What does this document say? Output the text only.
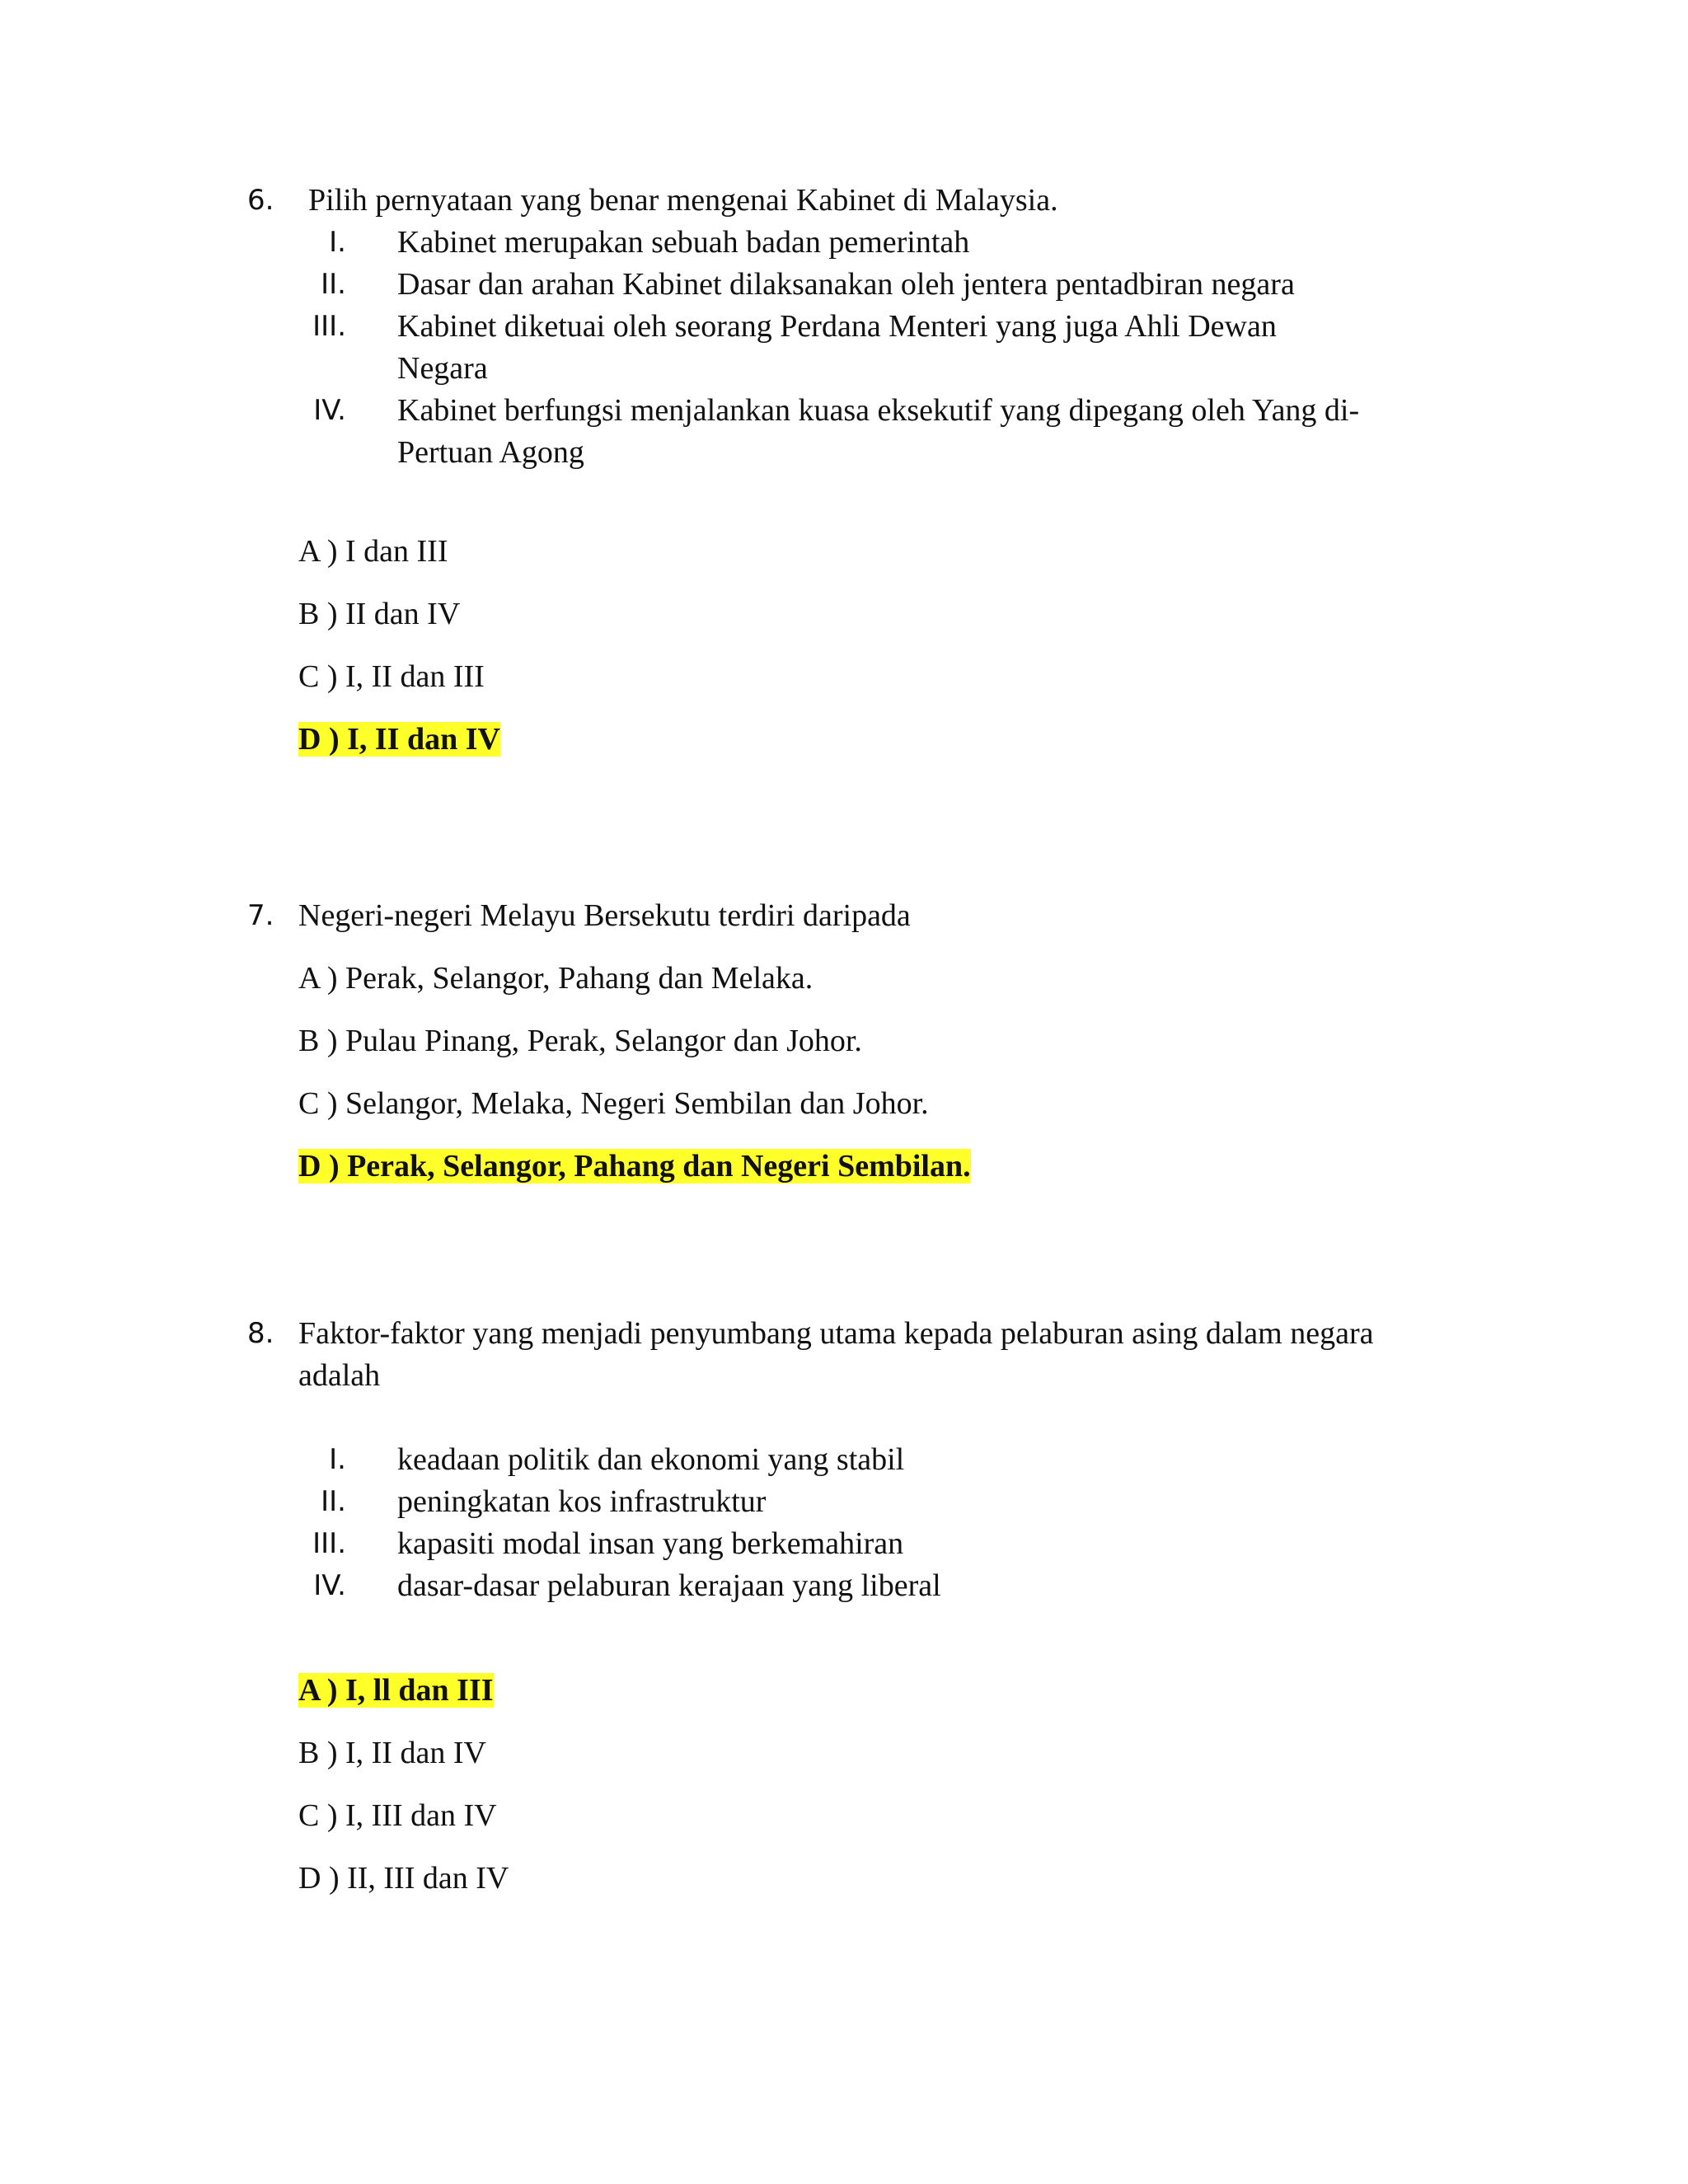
6. Pilih pernyataan yang benar mengenai Kabinet di Malaysia.
I. Kabinet merupakan sebuah badan pemerintah
II. Dasar dan arahan Kabinet dilaksanakan oleh jentera pentadbiran negara
III. Kabinet diketuai oleh seorang Perdana Menteri yang juga Ahli Dewan Negara
IV. Kabinet berfungsi menjalankan kuasa eksekutif yang dipegang oleh Yang di-Pertuan Agong
A ) I dan III
B ) II dan IV
C ) I, II dan III
D ) I, II dan IV
7. Negeri-negeri Melayu Bersekutu terdiri daripada
A ) Perak, Selangor, Pahang dan Melaka.
B ) Pulau Pinang, Perak, Selangor dan Johor.
C ) Selangor, Melaka, Negeri Sembilan dan Johor.
D ) Perak, Selangor, Pahang dan Negeri Sembilan.
8. Faktor-faktor yang menjadi penyumbang utama kepada pelaburan asing dalam negara adalah
I. keadaan politik dan ekonomi yang stabil
II. peningkatan kos infrastruktur
III. kapasiti modal insan yang berkemahiran
IV. dasar-dasar pelaburan kerajaan yang liberal
A ) I, ll dan III
B ) I, II dan IV
C ) I, III dan IV
D ) II, III dan IV
